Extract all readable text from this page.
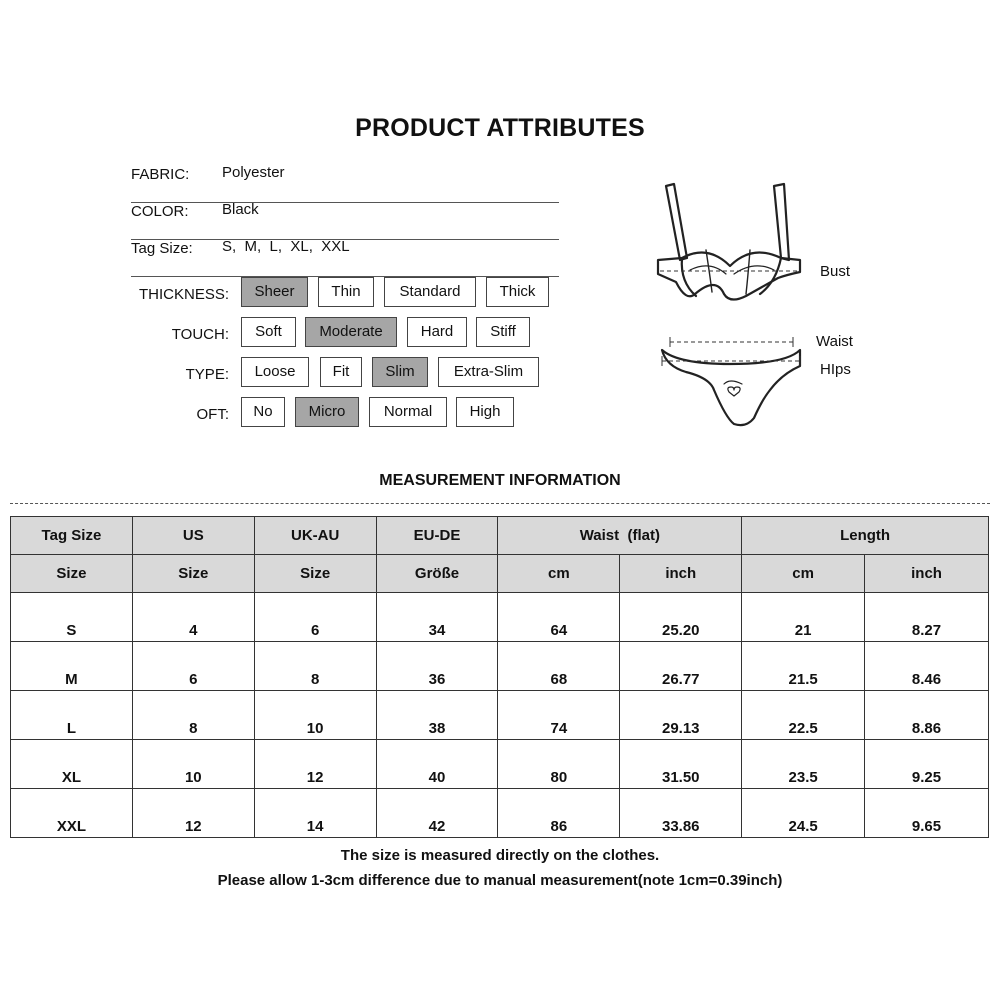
PRODUCT ATTRIBUTES
FABRIC: Polyester
COLOR: Black
Tag Size: S,  M,  L,  XL,  XXL
THICKNESS:	Sheer	Thin	Standard	Thick
TOUCH:	Soft	Moderate	Hard	Stiff
TYPE:	Loose	Fit	Slim	Extra-Slim
OFT:	No	Micro	Normal	High
Bust
Waist
HIps
MEASUREMENT INFORMATION
Tag Size	US	UK-AU	EU-DE	Waist  (flat)		Length	
Size	Size	Size	Größe	cm	inch	cm	inch
S	4	6	34	64	25.20	21	8.27
M	6	8	36	68	26.77	21.5	8.46
L	8	10	38	74	29.13	22.5	8.86
XL	10	12	40	80	31.50	23.5	9.25
XXL	12	14	42	86	33.86	24.5	9.65
The size is measured directly on the clothes.
Please allow 1-3cm difference due to manual measurement(note 1cm=0.39inch)
